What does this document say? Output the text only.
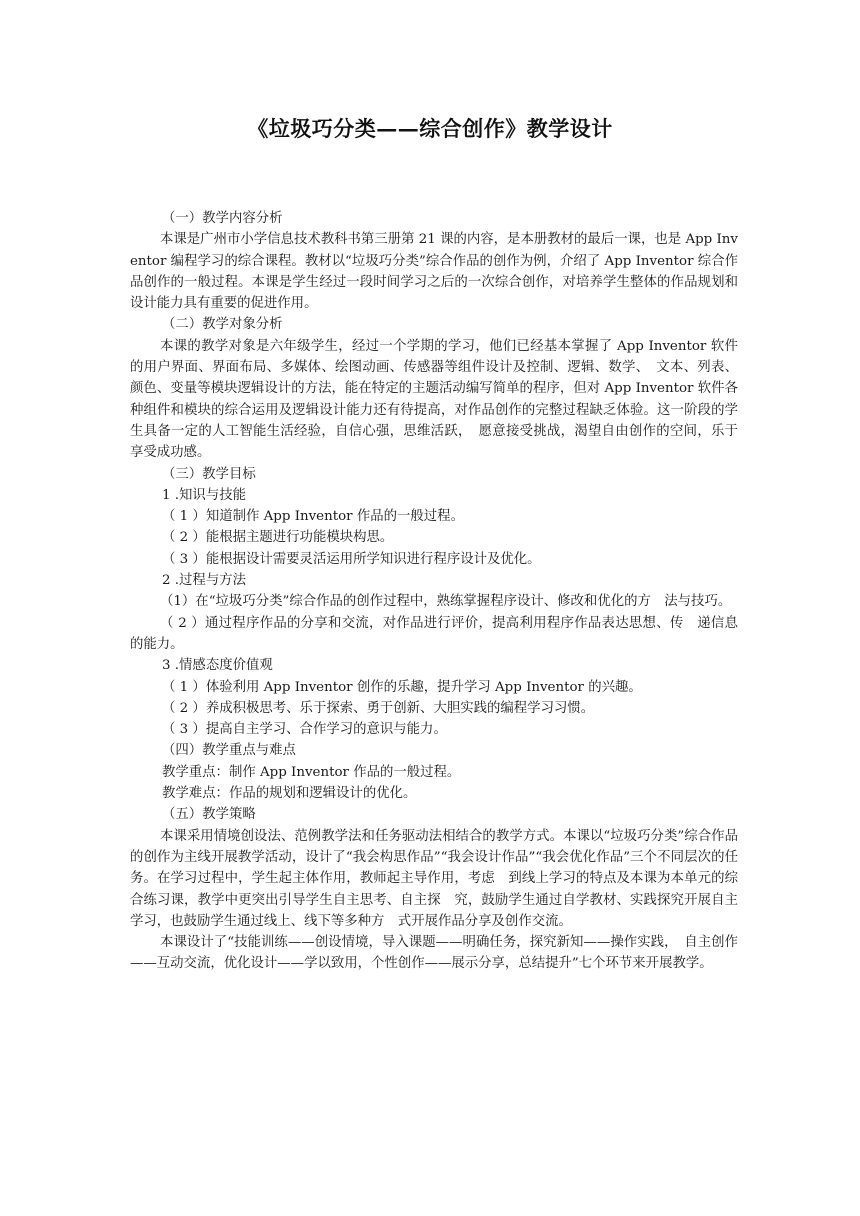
《垃圾巧分类——综合创作》教学设计

（一）教学内容分析

本课是广州市小学信息技术教科书第三册第 21 课的内容，是本册教材的最后一课，也是 App Inventor 编程学习的综合课程。教材以“垃圾巧分类”综合作品的创作为例，介绍了 App Inventor 综合作品创作的一般过程。本课是学生经过一段时间学习之后的一次综合创作，对培养学生整体的作品规划和设计能力具有重要的促进作用。

（二）教学对象分析

本课的教学对象是六年级学生，经过一个学期的学习，他们已经基本掌握了 App Inventor 软件的用户界面、界面布局、多媒体、绘图动画、传感器等组件设计及控制、逻辑、数学、　文本、列表、颜色、变量等模块逻辑设计的方法，能在特定的主题活动编写简单的程序，但对 App Inventor 软件各种组件和模块的综合运用及逻辑设计能力还有待提高，对作品创作的完整过程缺乏体验。这一阶段的学生具备一定的人工智能生活经验，自信心强，思维活跃，　愿意接受挑战，渴望自由创作的空间，乐于享受成功感。

（三）教学目标

1 .知识与技能

（ 1 ）知道制作 App Inventor 作品的一般过程。

（ 2 ）能根据主题进行功能模块构思。

（ 3 ）能根据设计需要灵活运用所学知识进行程序设计及优化。

2 .过程与方法

（1）在“垃圾巧分类”综合作品的创作过程中，熟练掌握程序设计、修改和优化的方　法与技巧。

（ 2 ）通过程序作品的分享和交流，对作品进行评价，提高利用程序作品表达思想、传　递信息的能力。

3 .情感态度价值观

（ 1 ）体验利用 App Inventor 创作的乐趣，提升学习 App Inventor 的兴趣。

（ 2 ）养成积极思考、乐于探索、勇于创新、大胆实践的编程学习习惯。

（ 3 ）提高自主学习、合作学习的意识与能力。

（四）教学重点与难点

教学重点：制作 App Inventor 作品的一般过程。

教学难点：作品的规划和逻辑设计的优化。

（五）教学策略

本课采用情境创设法、范例教学法和任务驱动法相结合的教学方式。本课以“垃圾巧分类”综合作品的创作为主线开展教学活动，设计了“我会构思作品”“我会设计作品”“我会优化作品”三个不同层次的任务。在学习过程中，学生起主体作用，教师起主导作用，考虑　到线上学习的特点及本课为本单元的综合练习课，教学中更突出引导学生自主思考、自主探　究，鼓励学生通过自学教材、实践探究开展自主学习，也鼓励学生通过线上、线下等多种方　式开展作品分享及创作交流。

本课设计了“技能训练——创设情境，导入课题——明确任务，探究新知——操作实践，　自主创作——互动交流，优化设计——学以致用，个性创作——展示分享，总结提升”七个环节来开展教学。
